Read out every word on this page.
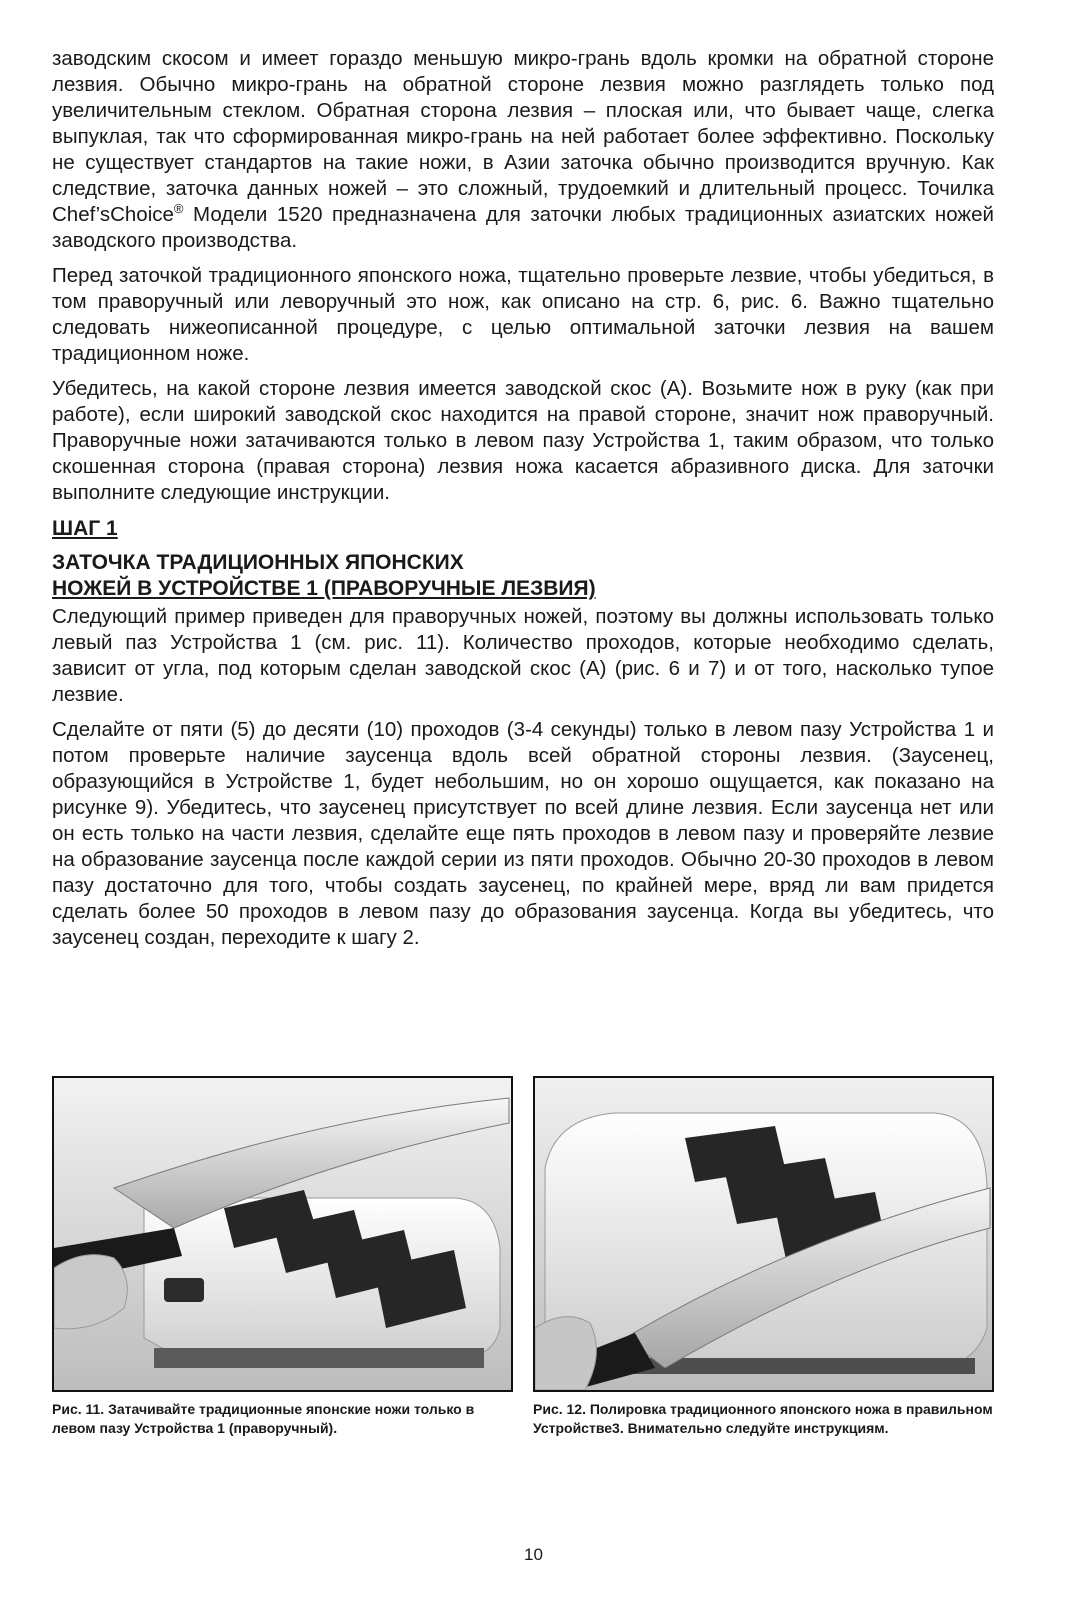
заводским скосом и имеет гораздо меньшую микро-грань вдоль кромки на обратной стороне лезвия. Обычно микро-грань на обратной стороне лезвия можно разглядеть только под увеличительным стеклом. Обратная сторона лезвия – плоская или, что бывает чаще, слегка выпуклая, так что сформированная микро-грань на ней работает более эффективно. Поскольку не существует стандартов на такие ножи, в Азии заточка обычно производится вручную. Как следствие, заточка данных ножей – это сложный, трудоемкий и длительный процесс. Точилка Chef’sChoice® Модели 1520 предназначена для заточки любых традиционных азиатских ножей заводского производства.

Перед заточкой традиционного японского ножа, тщательно проверьте лезвие, чтобы убедиться, в том праворучный или леворучный это нож, как описано на стр. 6, рис. 6. Важно тщательно следовать нижеописанной процедуре, с целью оптимальной заточки лезвия на вашем традиционном ноже.

Убедитесь, на какой стороне лезвия имеется заводской скос (А). Возьмите нож в руку (как при работе), если широкий заводской скос находится на правой стороне, значит нож праворучный. Праворучные ножи затачиваются только в левом пазу Устройства 1, таким образом, что только скошенная сторона (правая сторона) лезвия ножа касается абразивного диска. Для заточки выполните следующие инструкции.

ШАГ 1
ЗАТОЧКА ТРАДИЦИОННЫХ ЯПОНСКИХ
НОЖЕЙ В УСТРОЙСТВЕ 1 (ПРАВОРУЧНЫЕ ЛЕЗВИЯ)

Следующий пример приведен для праворучных ножей, поэтому вы должны использовать только левый паз Устройства 1 (см. рис. 11). Количество проходов, которые необходимо сделать, зависит от угла, под которым сделан заводской скос (А) (рис. 6 и 7) и от того, насколько тупое лезвие.

Сделайте от пяти (5) до десяти (10) проходов (3-4 секунды) только в левом пазу Устройства 1 и потом проверьте наличие заусенца вдоль всей обратной стороны лезвия. (Заусенец, образующийся в Устройстве 1, будет небольшим, но он хорошо ощущается, как показано на рисунке 9). Убедитесь, что заусенец присутствует по всей длине лезвия. Если заусенца нет или он есть только на части лезвия, сделайте еще пять проходов в левом пазу и проверяйте лезвие на образование заусенца после каждой серии из пяти проходов. Обычно 20-30 проходов в левом пазу достаточно для того, чтобы создать заусенец, по крайней мере, вряд ли вам придется сделать более 50 проходов в левом пазу до образования заусенца. Когда вы убедитесь, что заусенец создан, переходите к шагу 2.

Рис. 11. Затачивайте традиционные японские ножи только в левом пазу Устройства 1 (праворучный).
Рис. 12. Полировка традиционного японского ножа в правильном Устройстве3. Внимательно следуйте инструкциям.
10
